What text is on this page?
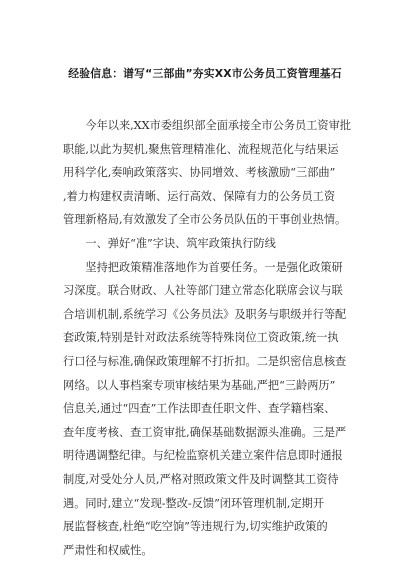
经验信息：谱写“三部曲”夯实XX市公务员工资管理基石
　　今年以来,XX市委组织部全面承接全市公务员工资审批
职能,以此为契机,聚焦管理精准化、流程规范化与结果运
用科学化,奏响政策落实、协同增效、考核激励“三部曲”
,着力构建权责清晰、运行高效、保障有力的公务员工资
管理新格局,有效激发了全市公务员队伍的干事创业热情。
　　一、弹好“准”字诀、筑牢政策执行防线
　　坚持把政策精准落地作为首要任务。一是强化政策研
习深度。联合财政、人社等部门建立常态化联席会议与联
合培训机制,系统学习《公务员法》及职务与职级并行等配
套政策,特别是针对政法系统等特殊岗位工资政策,统一执
行口径与标准,确保政策理解不打折扣。二是织密信息核查
网络。以人事档案专项审核结果为基础,严把“三龄两历”
信息关,通过“四查”工作法即查任职文件、查学籍档案、
查年度考核、查工资审批,确保基础数据源头准确。三是严
明待遇调整纪律。与纪检监察机关建立案件信息即时通报
制度,对受处分人员,严格对照政策文件及时调整其工资待
遇。同时,建立“发现-整改-反馈”闭环管理机制,定期开
展监督核查,杜绝“吃空饷”等违规行为,切实维护政策的
严肃性和权威性。
